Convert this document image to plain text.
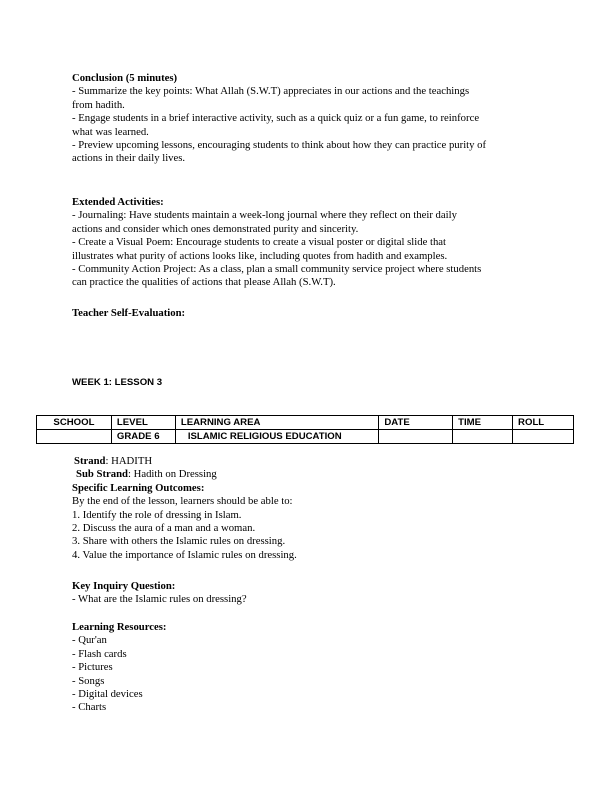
Conclusion (5 minutes)
- Summarize the key points: What Allah (S.W.T) appreciates in our actions and the teachings
from hadith.
- Engage students in a brief interactive activity, such as a quick quiz or a fun game, to reinforce
what was learned.
- Preview upcoming lessons, encouraging students to think about how they can practice purity of
actions in their daily lives.
Extended Activities:
- Journaling: Have students maintain a week-long journal where they reflect on their daily
actions and consider which ones demonstrated purity and sincerity.
- Create a Visual Poem: Encourage students to create a visual poster or digital slide that
illustrates what purity of actions looks like, including quotes from hadith and examples.
- Community Action Project: As a class, plan a small community service project where students
can practice the qualities of actions that please Allah (S.W.T).
Teacher Self-Evaluation:
WEEK 1: LESSON 3
SCHOOL	LEVEL	LEARNING AREA	DATE	TIME	ROLL
	GRADE 6	ISLAMIC RELIGIOUS EDUCATION			
Strand: HADITH
Sub Strand: Hadith on Dressing
Specific Learning Outcomes:
By the end of the lesson, learners should be able to:
1. Identify the role of dressing in Islam.
2. Discuss the aura of a man and a woman.
3. Share with others the Islamic rules on dressing.
4. Value the importance of Islamic rules on dressing.
Key Inquiry Question:
- What are the Islamic rules on dressing?
Learning Resources:
- Qur'an
- Flash cards
- Pictures
- Songs
- Digital devices
- Charts
